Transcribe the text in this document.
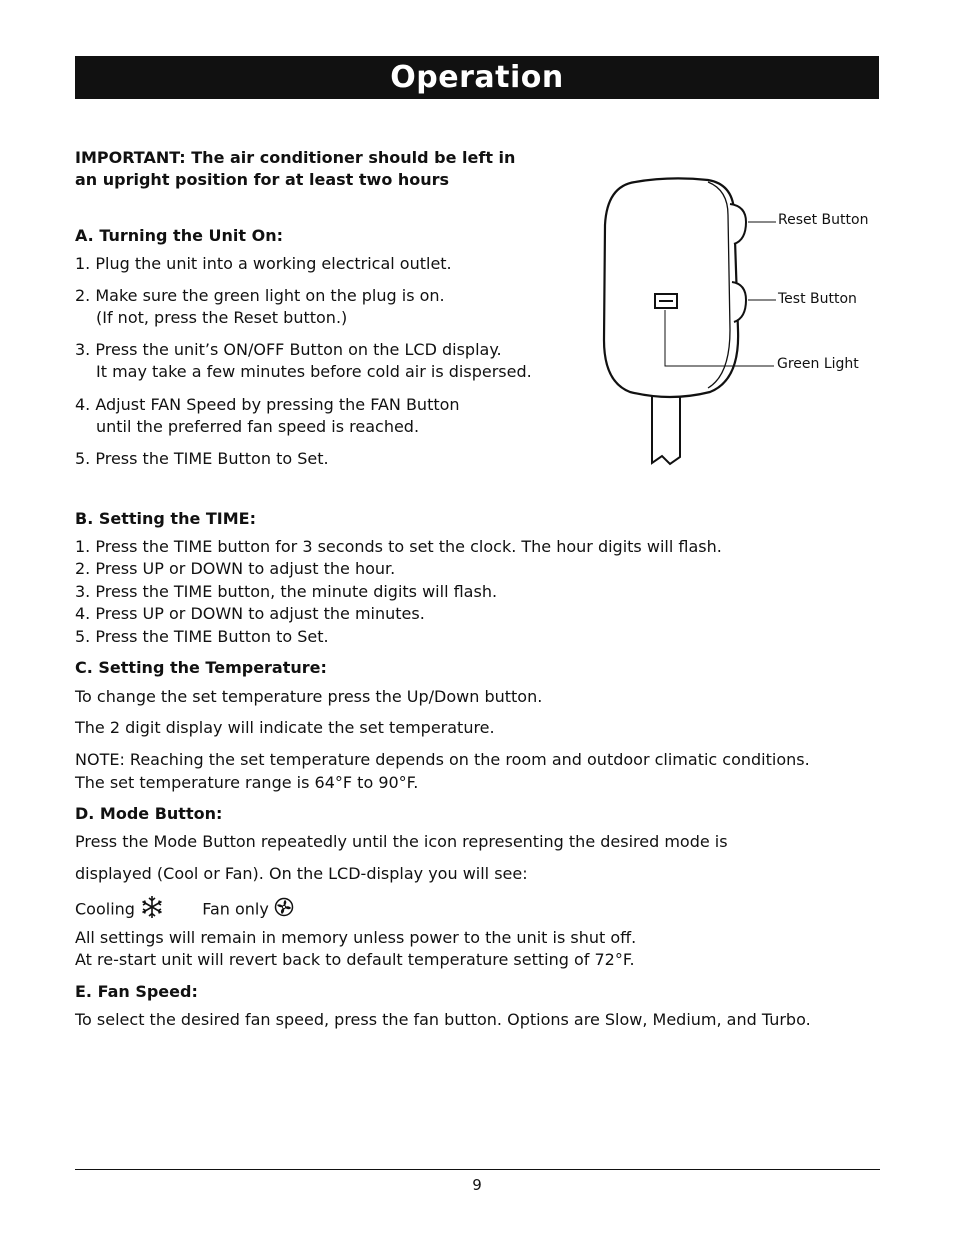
Operation
IMPORTANT: The air conditioner should be left in
an upright position for at least two hours
A. Turning the Unit On:
1. Plug the unit into a working electrical outlet.
2. Make sure the green light on the plug is on.
(If not, press the Reset button.)
3. Press the unit’s ON/OFF Button on the LCD display.
It may take a few minutes before cold air is dispersed.
4. Adjust FAN Speed by pressing the FAN Button
until the preferred fan speed is reached.
5. Press the TIME Button to Set.
Reset Button
Test Button
Green Light
B. Setting the TIME:
1. Press the TIME button for 3 seconds to set the clock. The hour digits will flash.
2. Press UP or DOWN to adjust the hour.
3. Press the TIME button, the minute digits will flash.
4. Press UP or DOWN to adjust the minutes.
5. Press the TIME Button to Set.
C. Setting the Temperature:
To change the set temperature press the Up/Down button.
The 2 digit display will indicate the set temperature.
NOTE: Reaching the set temperature depends on the room and outdoor climatic conditions.
The set temperature range is 64°F to 90°F.
D. Mode Button:
Press the Mode Button repeatedly until the icon representing the desired mode is
displayed (Cool or Fan). On the LCD-display you will see:
Cooling	Fan only
All settings will remain in memory unless power to the unit is shut off.
At re-start unit will revert back to default temperature setting of 72°F.
E. Fan Speed:
To select the desired fan speed, press the fan button. Options are Slow, Medium, and Turbo.
9
